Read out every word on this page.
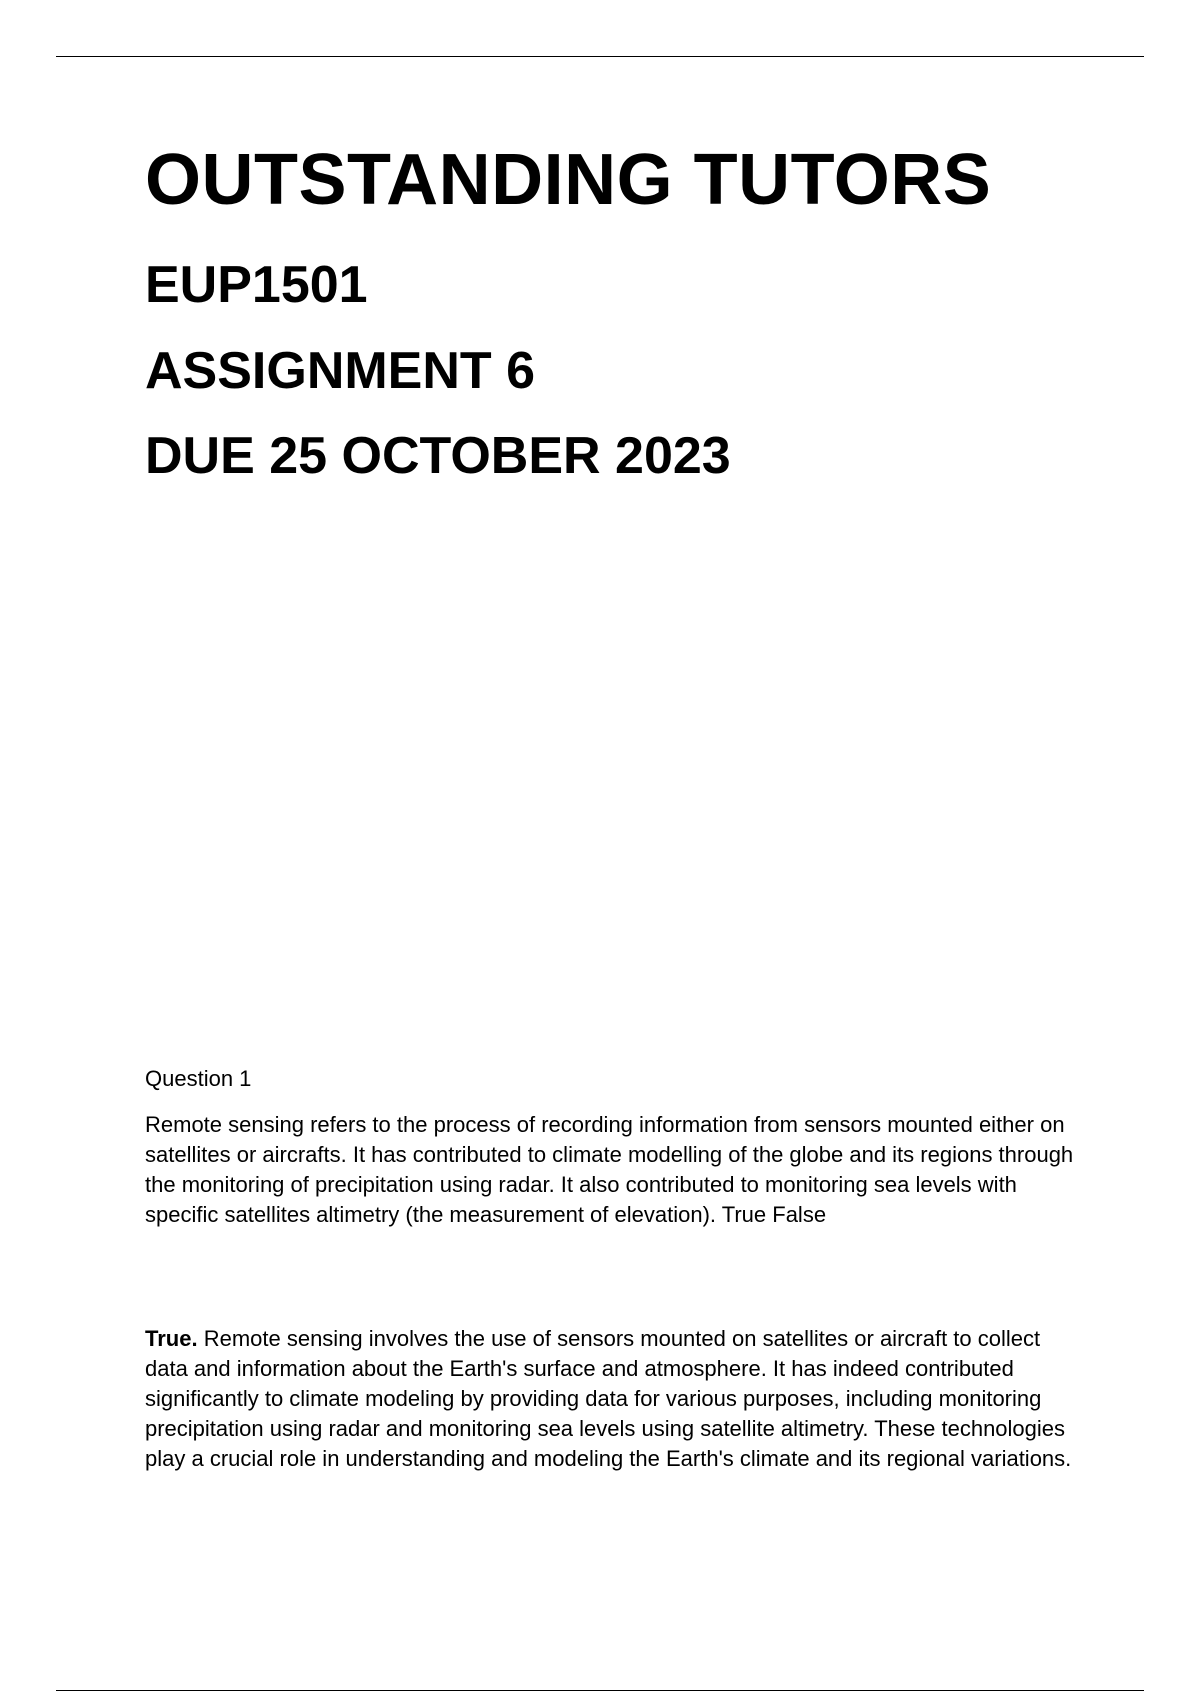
OUTSTANDING TUTORS
EUP1501
ASSIGNMENT 6
DUE 25 OCTOBER 2023

Question 1

Remote sensing refers to the process of recording information from sensors mounted either on satellites or aircrafts. It has contributed to climate modelling of the globe and its regions through the monitoring of precipitation using radar. It also contributed to monitoring sea levels with specific satellites altimetry (the measurement of elevation). True False

True. Remote sensing involves the use of sensors mounted on satellites or aircraft to collect data and information about the Earth's surface and atmosphere. It has indeed contributed significantly to climate modeling by providing data for various purposes, including monitoring precipitation using radar and monitoring sea levels using satellite altimetry. These technologies play a crucial role in understanding and modeling the Earth's climate and its regional variations.
